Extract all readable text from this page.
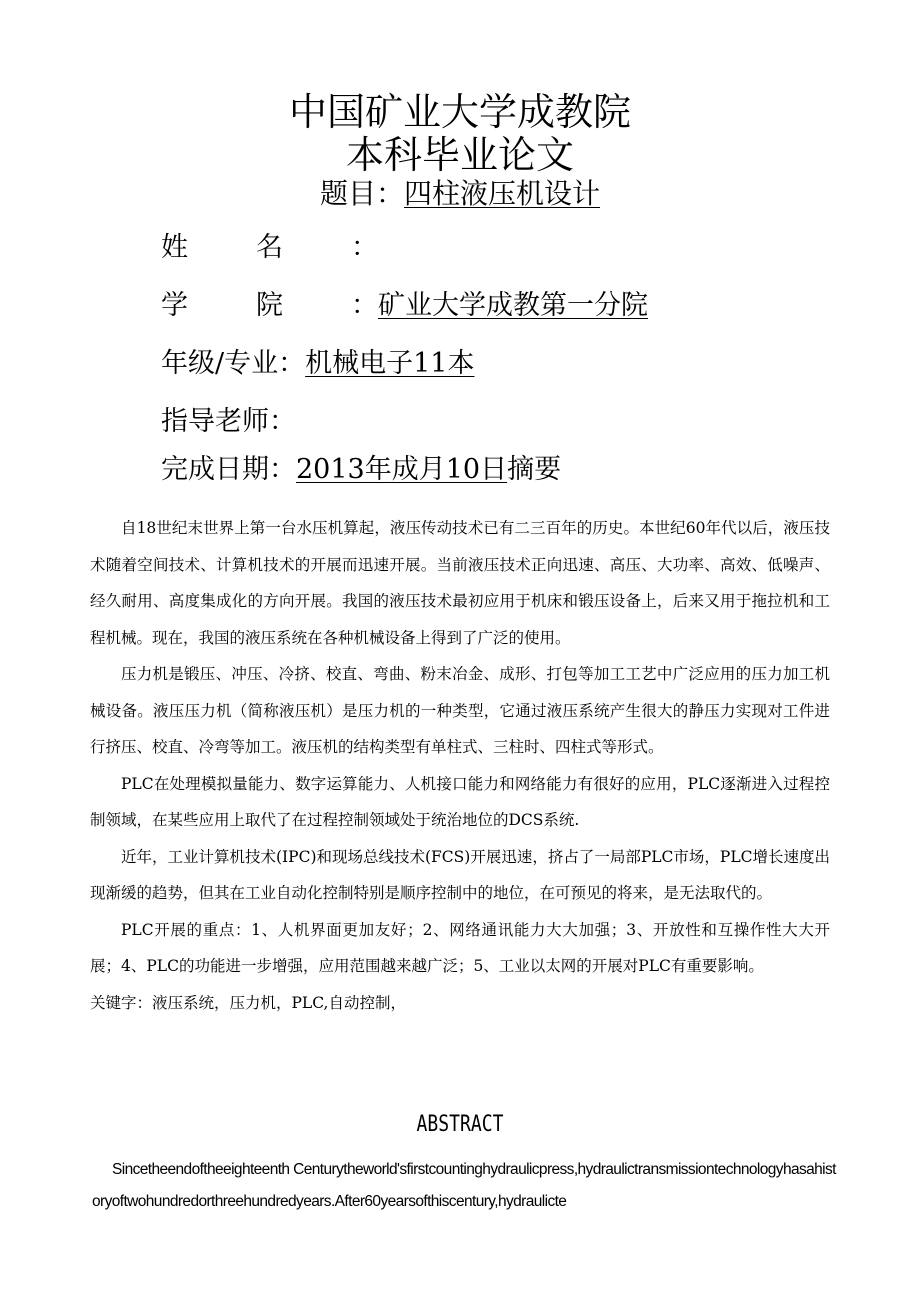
中国矿业大学成教院
本科毕业论文
题目：四柱液压机设计
姓名：
学院：矿业大学成教第一分院
年级/专业：机械电子11本
指导老师：
完成日期：2013年成月10日摘要

自18世纪末世界上第一台水压机算起，液压传动技术已有二三百年的历史。本世纪60年代以后，液压技术随着空间技术、计算机技术的开展而迅速开展。当前液压技术正向迅速、高压、大功率、高效、低噪声、经久耐用、高度集成化的方向开展。我国的液压技术最初应用于机床和锻压设备上，后来又用于拖拉机和工程机械。现在，我国的液压系统在各种机械设备上得到了广泛的使用。

压力机是锻压、冲压、冷挤、校直、弯曲、粉末冶金、成形、打包等加工工艺中广泛应用的压力加工机械设备。液压压力机（简称液压机）是压力机的一种类型，它通过液压系统产生很大的静压力实现对工件进行挤压、校直、冷弯等加工。液压机的结构类型有单柱式、三柱时、四柱式等形式。

PLC在处理模拟量能力、数字运算能力、人机接口能力和网络能力有很好的应用，PLC逐渐进入过程控制领域，在某些应用上取代了在过程控制领域处于统治地位的DCS系统.

近年，工业计算机技术(IPC)和现场总线技术(FCS)开展迅速，挤占了一局部PLC市场，PLC增长速度出现渐缓的趋势，但其在工业自动化控制特别是顺序控制中的地位，在可预见的将来，是无法取代的。

PLC开展的重点：1、人机界面更加友好；2、网络通讯能力大大加强；3、开放性和互操作性大大开展；4、PLC的功能进一步增强，应用范围越来越广泛；5、工业以太网的开展对PLC有重要影响。

关键字：液压系统，压力机，PLC,自动控制，

ABSTRACT
Sincetheendoftheeighteenth Centurytheworld'sfirstcountinghydraulicpress,hydraulictransmissiontechnologyhasahistoryoftwohundredorthreehundredyears.After60yearsofthiscentury,hydraulicte
